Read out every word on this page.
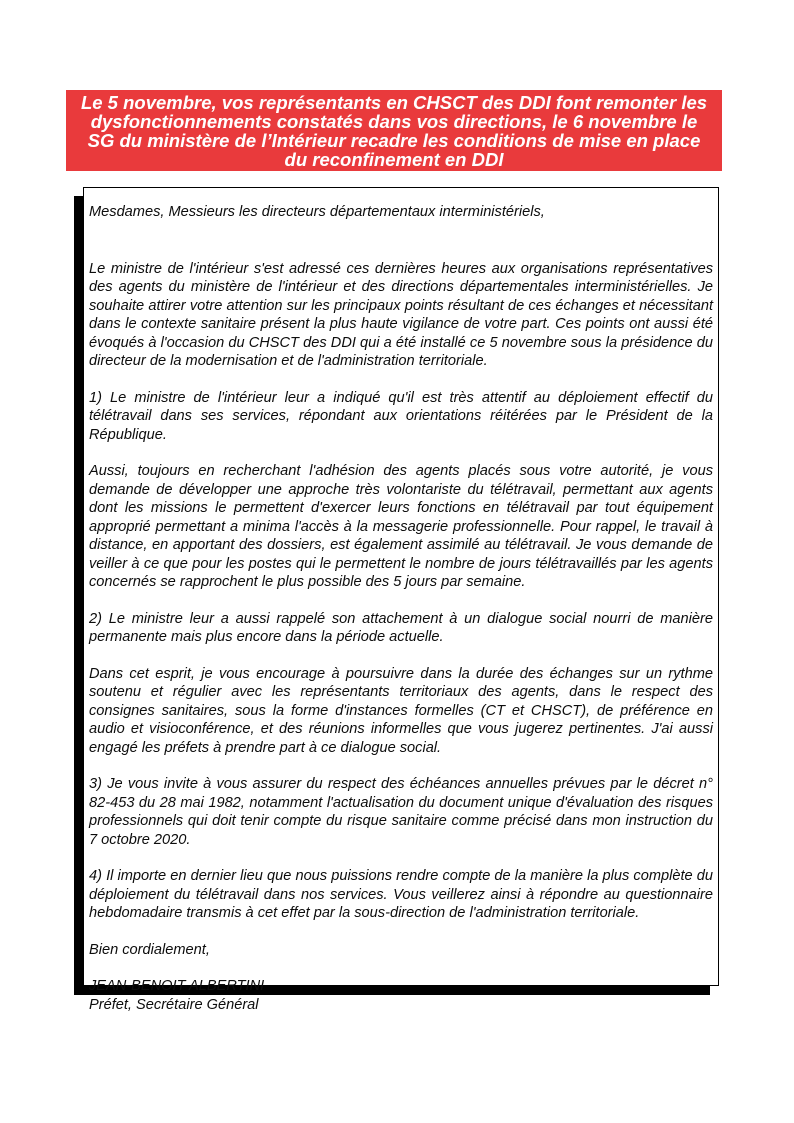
Le 5 novembre, vos représentants en CHSCT des DDI font remonter les
dysfonctionnements constatés dans vos directions, le 6 novembre le
SG du ministère de l’Intérieur recadre les conditions de mise en place
du reconfinement en DDI

Mesdames, Messieurs les directeurs départementaux interministériels,

Le ministre de l'intérieur s'est adressé ces dernières heures aux organisations représentatives des agents du ministère de l'intérieur et des directions départementales interministérielles. Je souhaite attirer votre attention sur les principaux points résultant de ces échanges et nécessitant dans le contexte sanitaire présent la plus haute vigilance de votre part. Ces points ont aussi été évoqués à l'occasion du CHSCT des DDI qui a été installé ce 5 novembre sous la présidence du directeur de la modernisation et de l'administration territoriale.

1) Le ministre de l'intérieur leur a indiqué qu'il est très attentif au déploiement effectif du télétravail dans ses services, répondant aux orientations réitérées par le Président de la République.

Aussi, toujours en recherchant l'adhésion des agents placés sous votre autorité, je vous demande de développer une approche très volontariste du télétravail, permettant aux agents dont les missions le permettent d'exercer leurs fonctions en télétravail par tout équipement approprié permettant a minima l'accès à la messagerie professionnelle. Pour rappel, le travail à distance, en apportant des dossiers, est également assimilé au télétravail. Je vous demande de veiller à ce que pour les postes qui le permettent le nombre de jours télétravaillés par les agents concernés se rapprochent le plus possible des 5 jours par semaine.

2) Le ministre leur a aussi rappelé son attachement à un dialogue social nourri de manière permanente mais plus encore dans la période actuelle.

Dans cet esprit, je vous encourage à poursuivre dans la durée des échanges sur un rythme soutenu et régulier avec les représentants territoriaux des agents, dans le respect des consignes sanitaires, sous la forme d'instances formelles (CT et CHSCT), de préférence en audio et visioconférence, et des réunions informelles que vous jugerez pertinentes. J'ai aussi engagé les préfets à prendre part à ce dialogue social.

3) Je vous invite à vous assurer du respect des échéances annuelles prévues par le décret n° 82-453 du 28 mai 1982, notamment l'actualisation du document unique d'évaluation des risques professionnels qui doit tenir compte du risque sanitaire comme précisé dans mon instruction du 7 octobre 2020.

4) Il importe en dernier lieu que nous puissions rendre compte de la manière la plus complète du déploiement du télétravail dans nos services. Vous veillerez ainsi à répondre au questionnaire hebdomadaire transmis à cet effet par la sous-direction de l'administration territoriale.

Bien cordialement,

JEAN-BENOIT ALBERTINI

Préfet, Secrétaire Général
